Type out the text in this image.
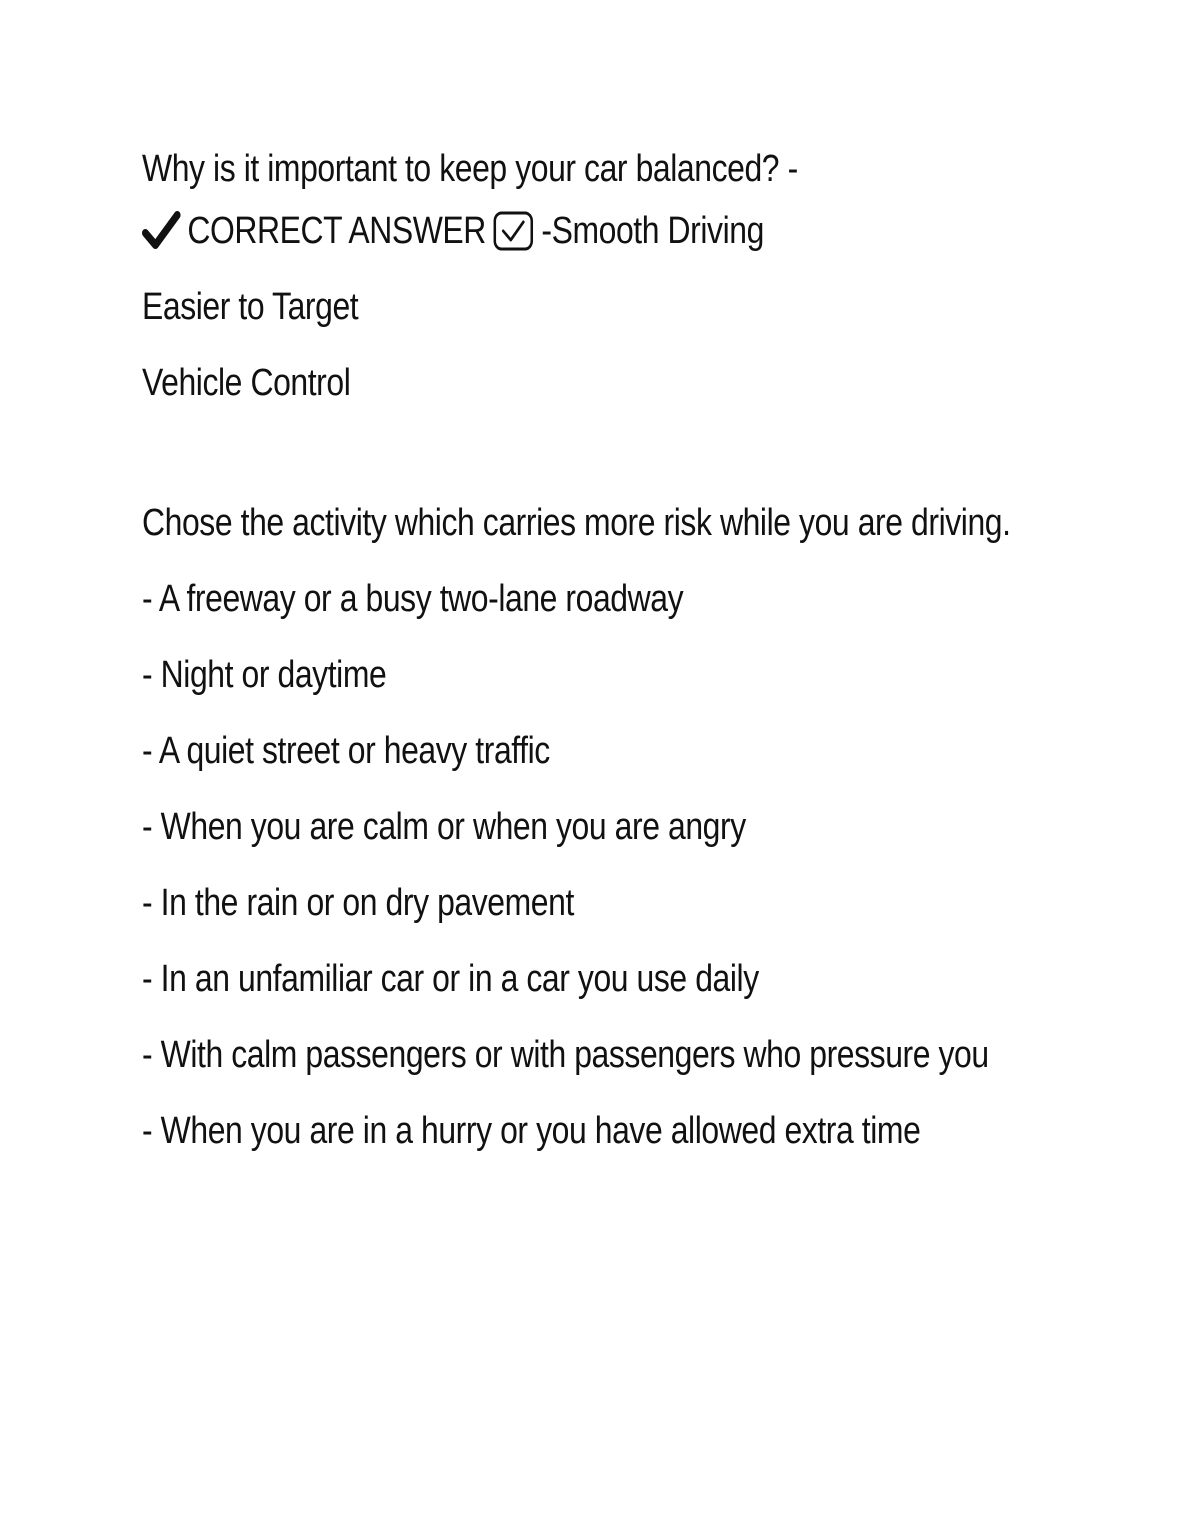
Why is it important to keep your car balanced? -

CORRECT ANSWER -Smooth Driving

Easier to Target

Vehicle Control

Chose the activity which carries more risk while you are driving.

- A freeway or a busy two-lane roadway

- Night or daytime

- A quiet street or heavy traffic

- When you are calm or when you are angry

- In the rain or on dry pavement

- In an unfamiliar car or in a car you use daily

- With calm passengers or with passengers who pressure you

- When you are in a hurry or you have allowed extra time
